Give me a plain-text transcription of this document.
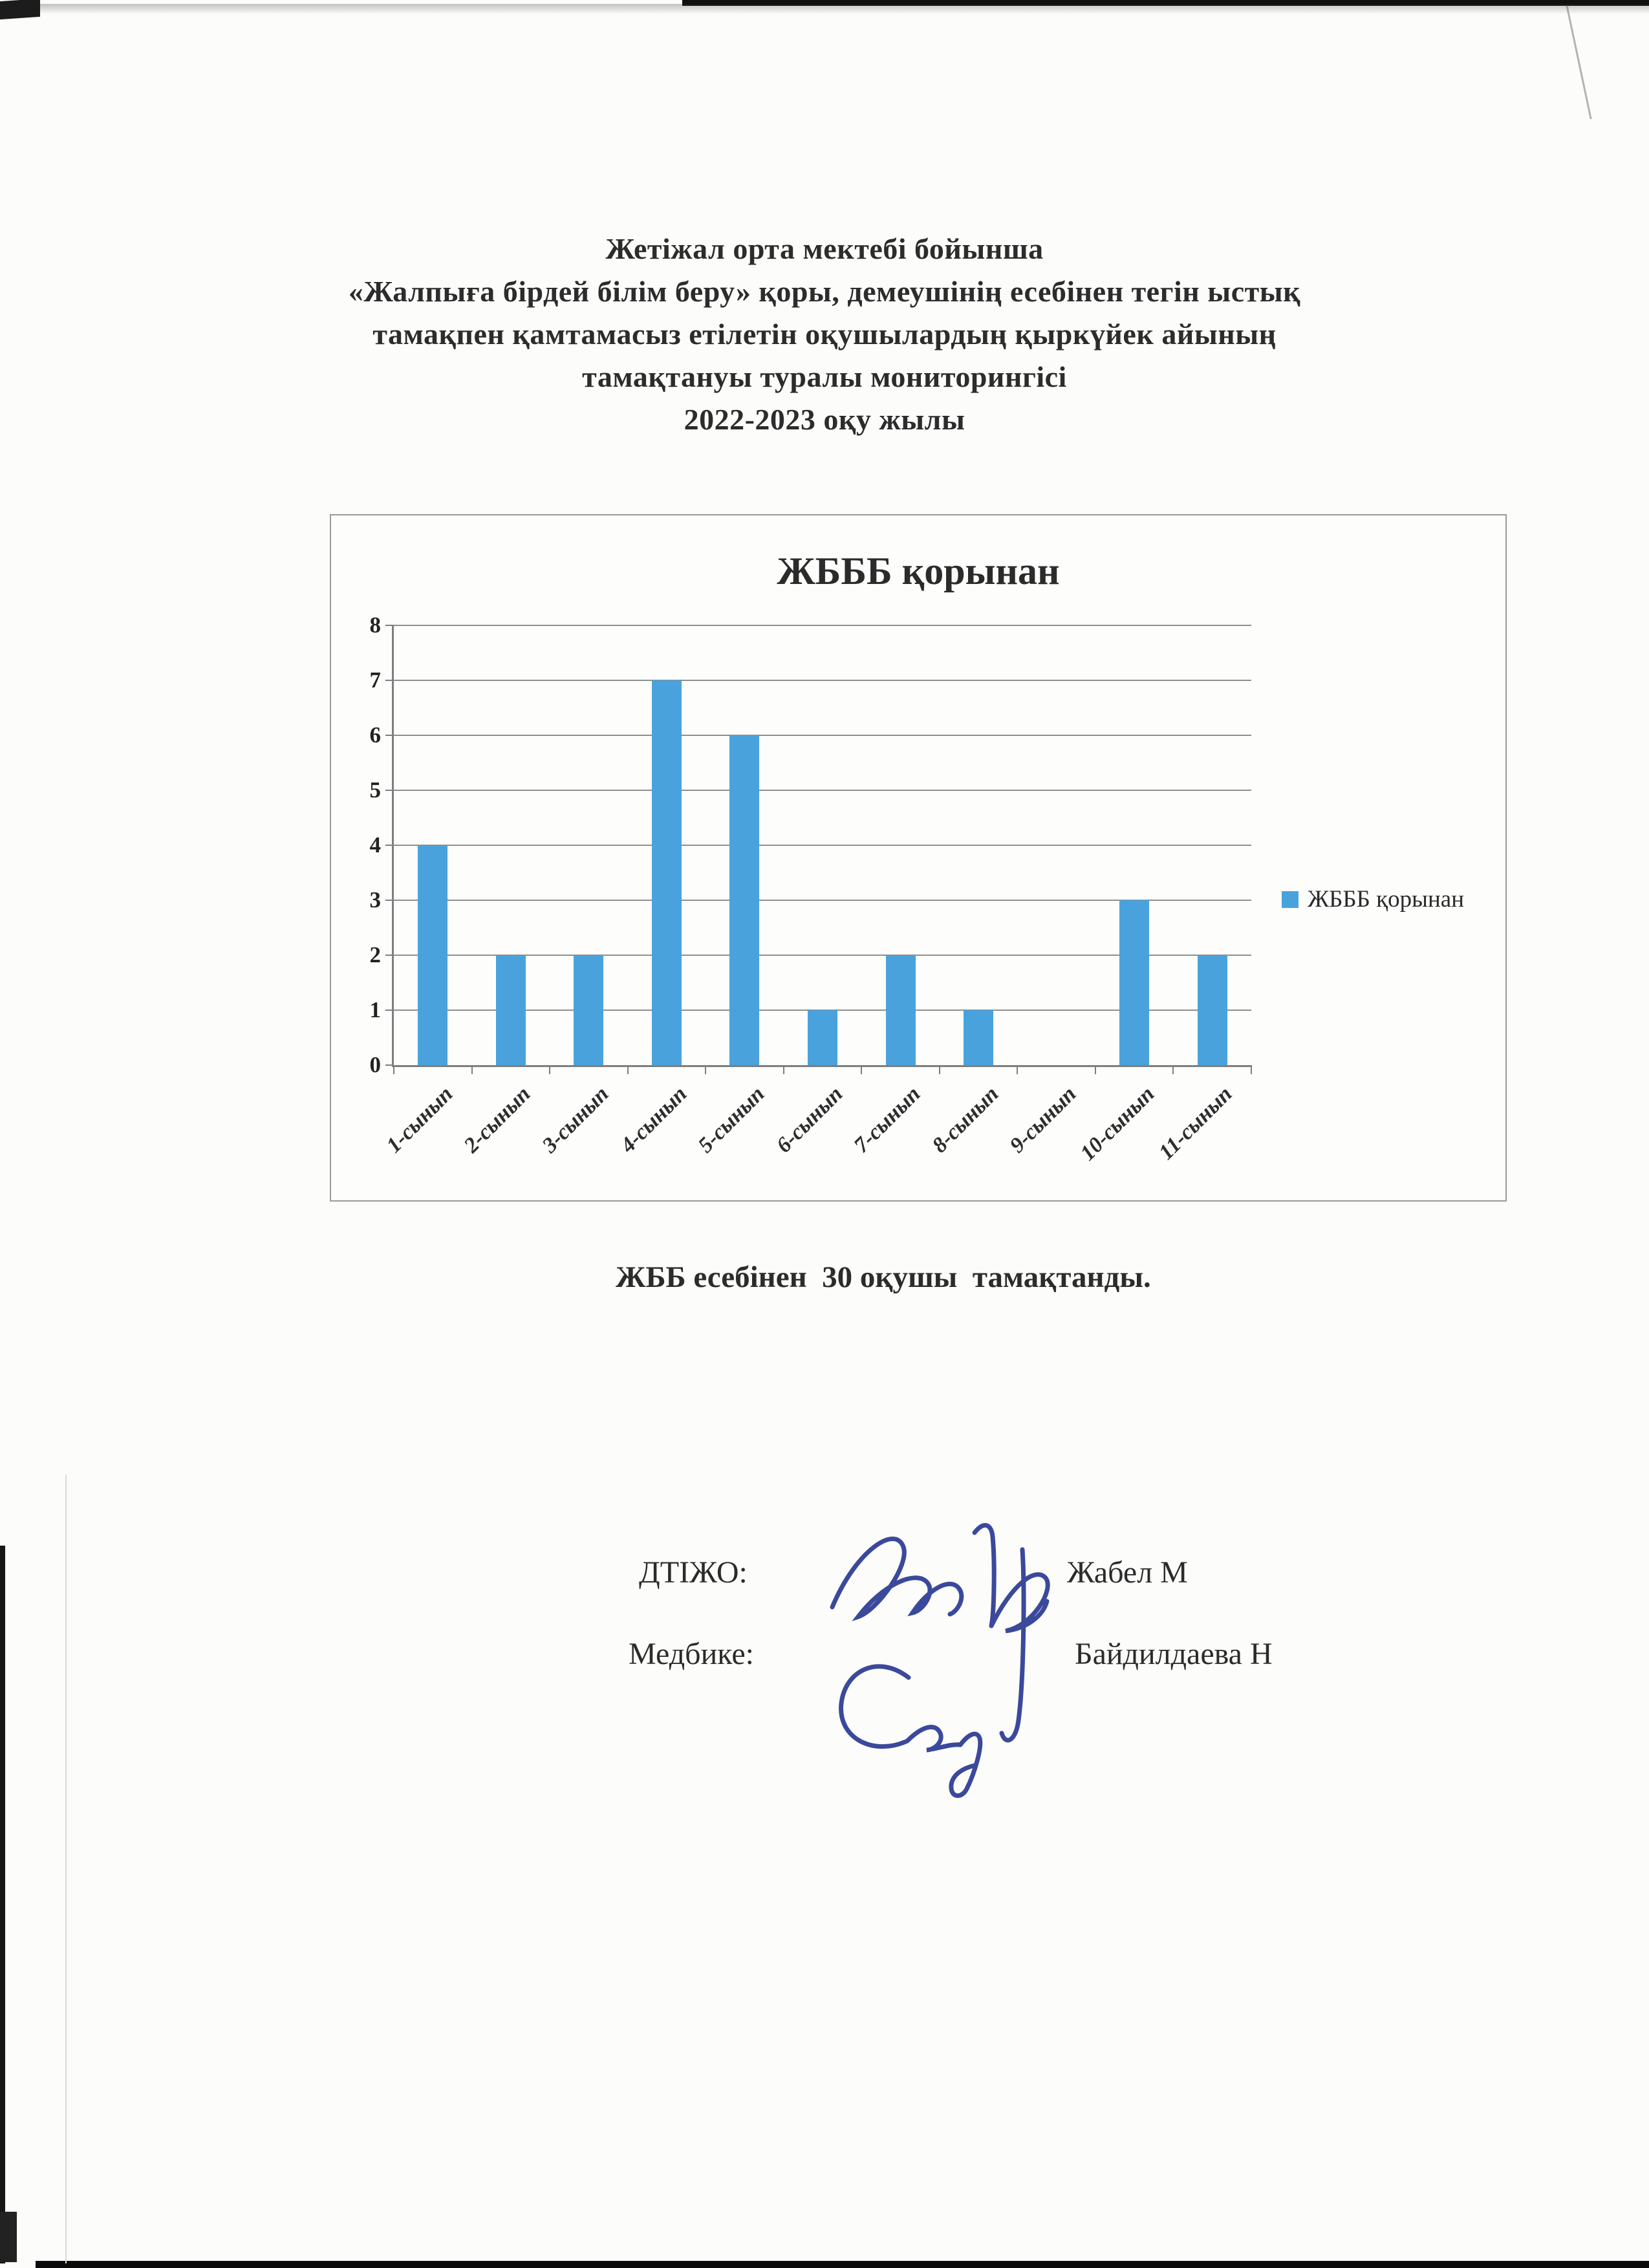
Жетіжал орта мектебі бойынша
«Жалпыға бірдей білім беру» қоры, демеушінің есебінен тегін ыстық
тамақпен қамтамасыз етілетін оқушылардың қыркүйек айының
тамақтануы туралы мониторингісі
2022-2023 оқу жылы
ЖБББ қорынан
0
1
2
3
4
5
6
7
8
1-сынып 2-сынып 3-сынып 4-сынып 5-сынып 6-сынып 7-сынып 8-сынып 9-сынып
10-сынып
11-сынып
ЖБББ қорынан
ЖББ есебінен  30 оқушы  тамақтанды.
ДТІЖО:	Жабел М
Медбике:	Байдилдаева Н
